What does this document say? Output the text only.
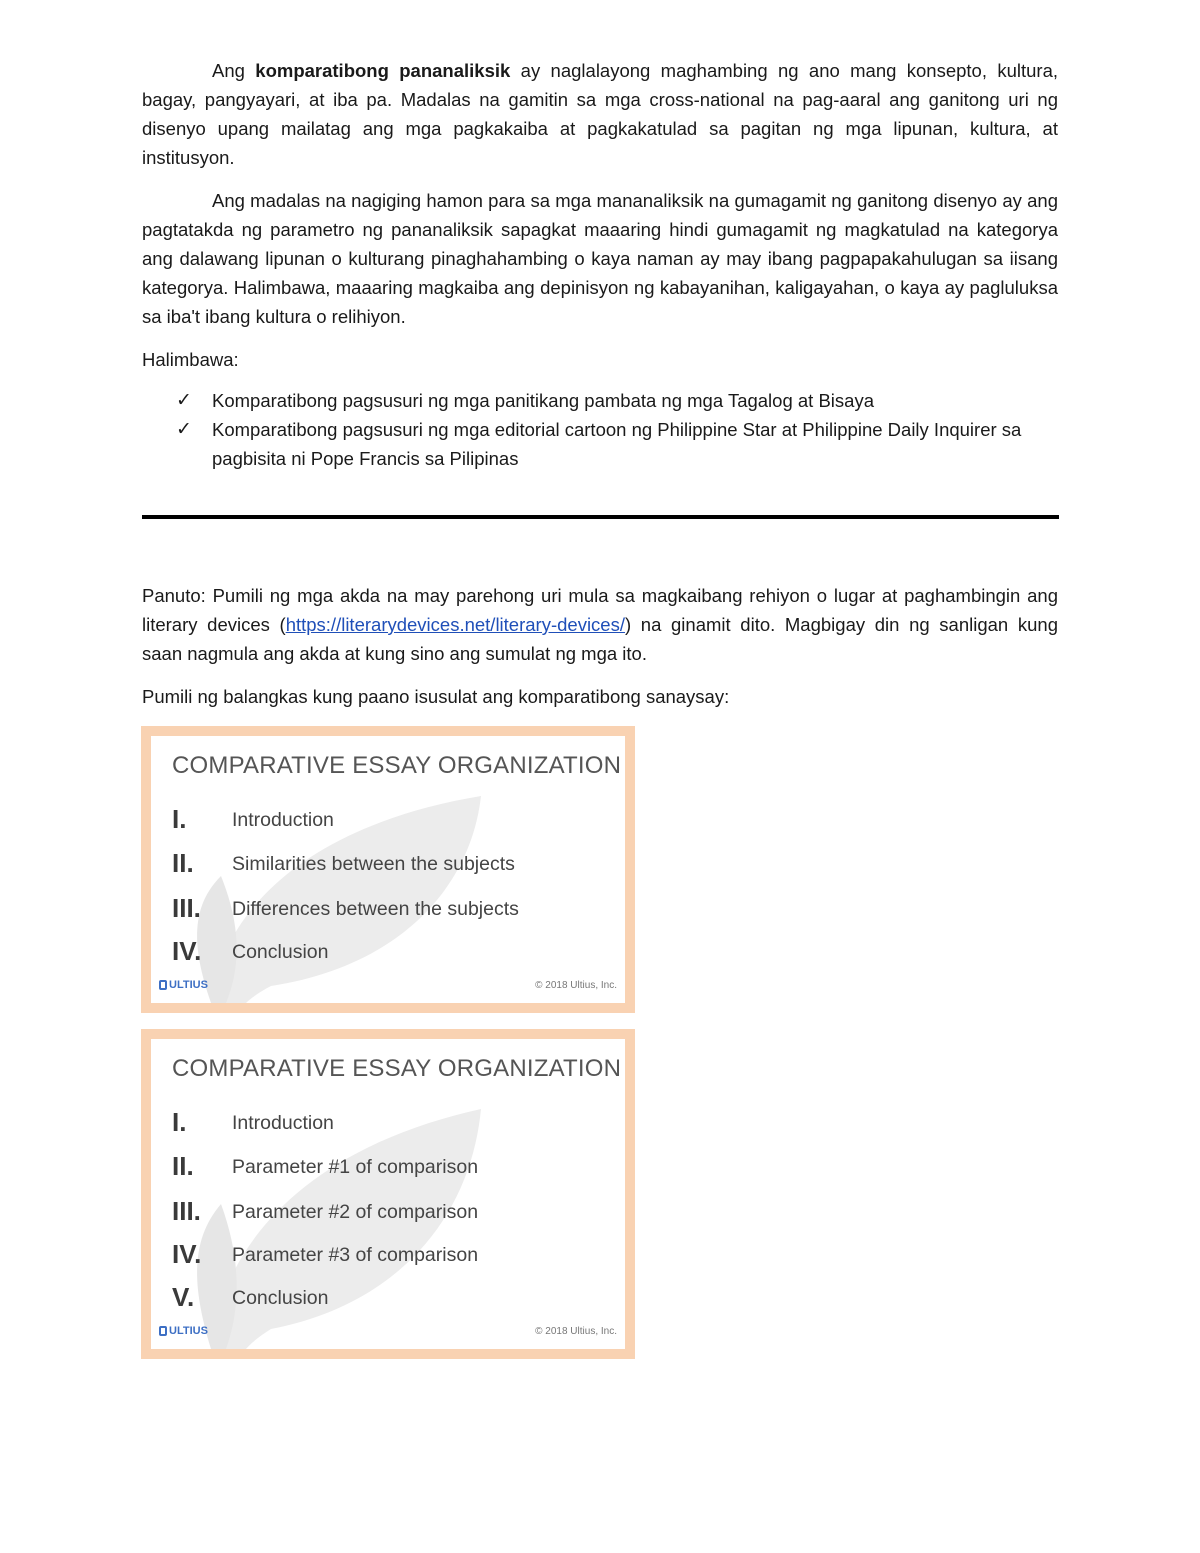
Ang komparatibong pananaliksik ay naglalayong maghambing ng ano mang konsepto, kultura, bagay, pangyayari, at iba pa. Madalas na gamitin sa mga cross-national na pag-aaral ang ganitong uri ng disenyo upang mailatag ang mga pagkakaiba at pagkakatulad sa pagitan ng mga lipunan, kultura, at institusyon.

Ang madalas na nagiging hamon para sa mga mananaliksik na gumagamit ng ganitong disenyo ay ang pagtatakda ng parametro ng pananaliksik sapagkat maaaring hindi gumagamit ng magkatulad na kategorya ang dalawang lipunan o kulturang pinaghahambing o kaya naman ay may ibang pagpapakahulugan sa iisang kategorya. Halimbawa, maaaring magkaiba ang depinisyon ng kabayanihan, kaligayahan, o kaya ay pagluluksa sa iba't ibang kultura o relihiyon.

Halimbawa:

✓ Komparatibong pagsusuri ng mga panitikang pambata ng mga Tagalog at Bisaya
✓ Komparatibong pagsusuri ng mga editorial cartoon ng Philippine Star at Philippine Daily Inquirer sa pagbisita ni Pope Francis sa Pilipinas

Panuto: Pumili ng mga akda na may parehong uri mula sa magkaibang rehiyon o lugar at paghambingin ang literary devices (https://literarydevices.net/literary-devices/) na ginamit dito. Magbigay din ng sanligan kung saan nagmula ang akda at kung sino ang sumulat ng mga ito.

Pumili ng balangkas kung paano isusulat ang komparatibong sanaysay:

COMPARATIVE ESSAY ORGANIZATION
I. Introduction
II. Similarities between the subjects
III. Differences between the subjects
IV. Conclusion
ULTIUS	© 2018 Ultius, Inc.
COMPARATIVE ESSAY ORGANIZATION
I. Introduction
II. Parameter #1 of comparison
III. Parameter #2 of comparison
IV. Parameter #3 of comparison
V. Conclusion
ULTIUS	© 2018 Ultius, Inc.
